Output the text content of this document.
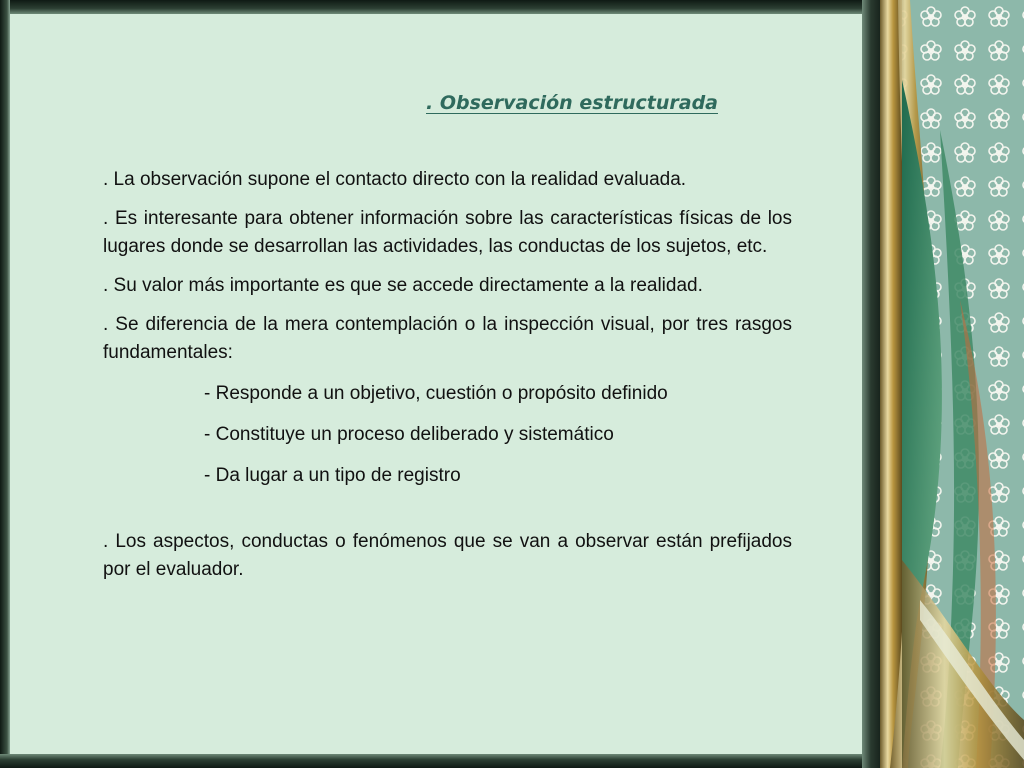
. Observación estructurada

. La observación supone el contacto directo con la realidad evaluada.

. Es interesante para obtener información sobre las características físicas de los lugares donde se desarrollan las actividades, las conductas de los sujetos, etc.

. Su valor más importante es que se accede directamente a la realidad.

. Se diferencia de la mera contemplación o la inspección visual, por tres rasgos fundamentales:

- Responde a un objetivo, cuestión o propósito definido

- Constituye un proceso deliberado y sistemático

- Da lugar a un tipo de registro

. Los aspectos, conductas o fenómenos que se van a observar están prefijados por el evaluador.
